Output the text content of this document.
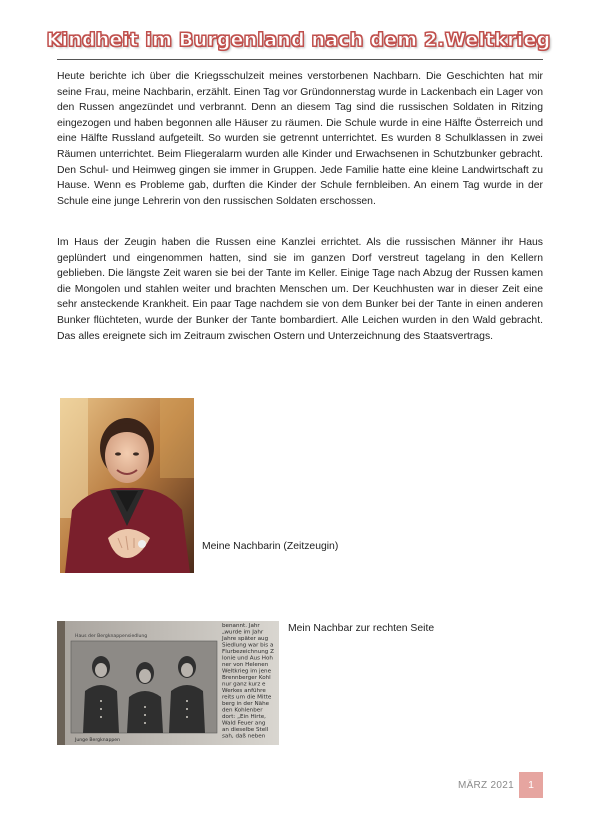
Kindheit im Burgenland nach dem 2.Weltkrieg

Heute berichte ich über die Kriegsschulzeit meines verstorbenen Nachbarn. Die Geschichten hat mir seine Frau, meine Nachbarin, erzählt. Einen Tag vor Gründonnerstag wurde in Lackenbach ein Lager von den Russen angezündet und verbrannt. Denn an diesem Tag sind die russischen Soldaten in Ritzing eingezogen und haben begonnen alle Häuser zu räumen. Die Schule wurde in eine Hälfte Österreich und eine Hälfte Russland aufgeteilt. So wurden sie getrennt unterrichtet. Es wurden 8 Schulklassen in zwei Räumen unterrichtet. Beim Fliegeralarm wurden alle Kinder und Erwachsenen in Schutzbunker gebracht. Den Schul- und Heimweg gingen sie immer in Gruppen. Jede Familie hatte eine kleine Landwirtschaft zu Hause. Wenn es Probleme gab, durften die Kinder der Schule fernbleiben. An einem Tag wurde in der Schule eine junge Lehrerin von den russischen Soldaten erschossen.

Im Haus der Zeugin haben die Russen eine Kanzlei errichtet. Als die russischen Männer ihr Haus geplündert und eingenommen hatten, sind sie im ganzen Dorf verstreut tagelang in den Kellern geblieben. Die längste Zeit waren sie bei der Tante im Keller. Einige Tage nach Abzug der Russen kamen die Mongolen und stahlen weiter und brachten Menschen um. Der Keuchhusten war in dieser Zeit eine sehr ansteckende Krankheit. Ein paar Tage nachdem sie von dem Bunker bei der Tante in einen anderen Bunker flüchteten, wurde der Bunker der Tante bombardiert. Alle Leichen wurden in den Wald gebracht. Das alles ereignete sich im Zeitraum zwischen Ostern und Unterzeichnung des Staatsvertrags.

Meine Nachbarin (Zeitzeugin)
Haus der Bergknappensiedlung
Junge Bergknappen
benannt. Jahr
„wurde im Jahr
Jahre später aug
Siedlung war bis a
Flurbezeichnung Z
lonie und Aus Hoh
ner von Helenen
Weltkrieg im jene
Brennberger Kohl
nur ganz kurz e
Werkes anführe
reits um die Mitte
berg in der Nähe
den Kohlenber
dort: „Ein Hirte,
Wald Feuer ang
an dieselbe Stell
sah, daß neben
Mein Nachbar zur rechten Seite
MÄRZ 2021 1
